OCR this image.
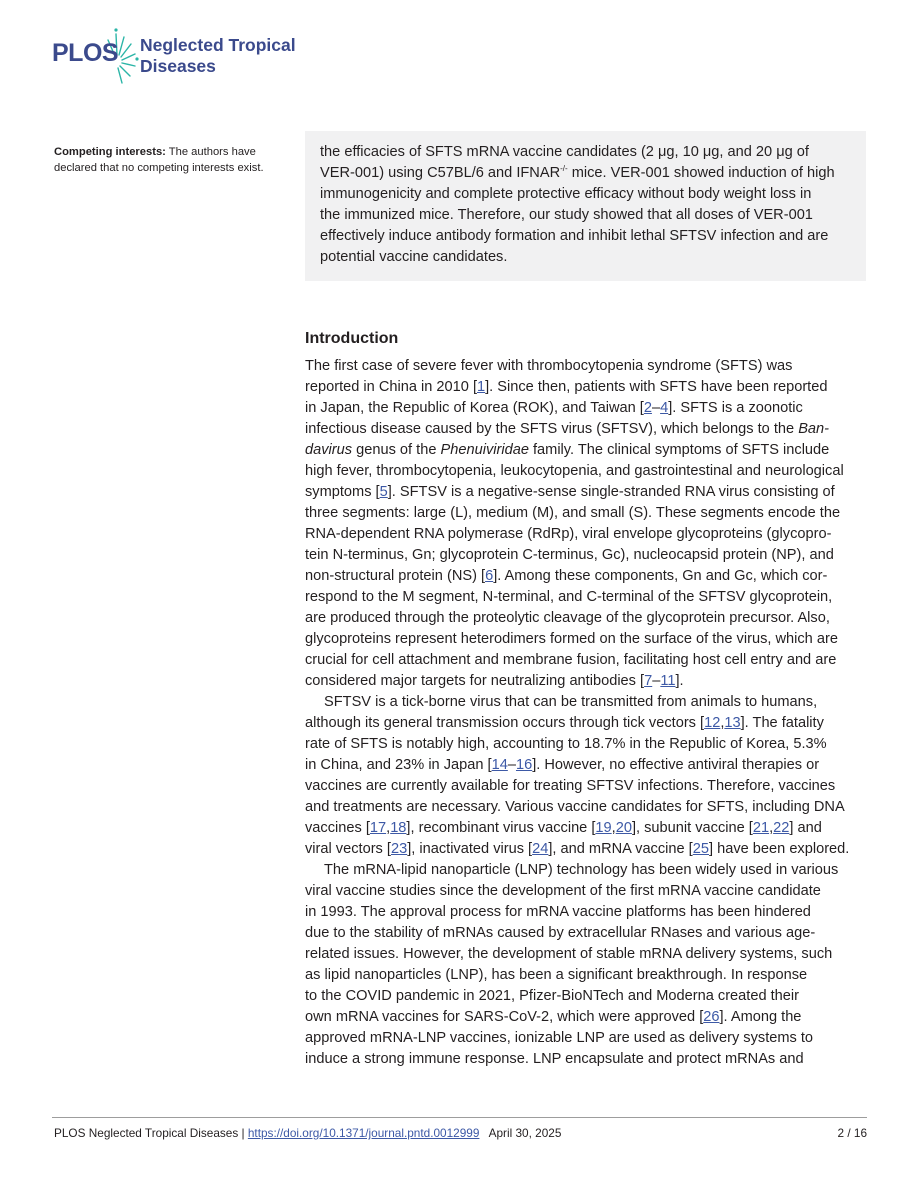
PLOS Neglected Tropical
Diseases
Competing interests: The authors have declared that no competing interests exist.
the efficacies of SFTS mRNA vaccine candidates (2 μg, 10 μg, and 20 μg of
VER-001) using C57BL/6 and IFNAR-/- mice. VER-001 showed induction of high
immunogenicity and complete protective efficacy without body weight loss in
the immunized mice. Therefore, our study showed that all doses of VER-001
effectively induce antibody formation and inhibit lethal SFTSV infection and are
potential vaccine candidates.
Introduction
The first case of severe fever with thrombocytopenia syndrome (SFTS) was
reported in China in 2010 [1]. Since then, patients with SFTS have been reported
in Japan, the Republic of Korea (ROK), and Taiwan [2–4]. SFTS is a zoonotic
infectious disease caused by the SFTS virus (SFTSV), which belongs to the Ban-
davirus genus of the Phenuiviridae family. The clinical symptoms of SFTS include
high fever, thrombocytopenia, leukocytopenia, and gastrointestinal and neurological
symptoms [5]. SFTSV is a negative-sense single-stranded RNA virus consisting of
three segments: large (L), medium (M), and small (S). These segments encode the
RNA-dependent RNA polymerase (RdRp), viral envelope glycoproteins (glycopro-
tein N-terminus, Gn; glycoprotein C-terminus, Gc), nucleocapsid protein (NP), and
non-structural protein (NS) [6]. Among these components, Gn and Gc, which cor-
respond to the M segment, N-terminal, and C-terminal of the SFTSV glycoprotein,
are produced through the proteolytic cleavage of the glycoprotein precursor. Also,
glycoproteins represent heterodimers formed on the surface of the virus, which are
crucial for cell attachment and membrane fusion, facilitating host cell entry and are
considered major targets for neutralizing antibodies [7–11].
SFTSV is a tick-borne virus that can be transmitted from animals to humans,
although its general transmission occurs through tick vectors [12,13]. The fatality
rate of SFTS is notably high, accounting to 18.7% in the Republic of Korea, 5.3%
in China, and 23% in Japan [14–16]. However, no effective antiviral therapies or
vaccines are currently available for treating SFTSV infections. Therefore, vaccines
and treatments are necessary. Various vaccine candidates for SFTS, including DNA
vaccines [17,18], recombinant virus vaccine [19,20], subunit vaccine [21,22] and
viral vectors [23], inactivated virus [24], and mRNA vaccine [25] have been explored.
The mRNA-lipid nanoparticle (LNP) technology has been widely used in various
viral vaccine studies since the development of the first mRNA vaccine candidate
in 1993. The approval process for mRNA vaccine platforms has been hindered
due to the stability of mRNAs caused by extracellular RNases and various age-
related issues. However, the development of stable mRNA delivery systems, such
as lipid nanoparticles (LNP), has been a significant breakthrough. In response
to the COVID pandemic in 2021, Pfizer-BioNTech and Moderna created their
own mRNA vaccines for SARS-CoV-2, which were approved [26]. Among the
approved mRNA-LNP vaccines, ionizable LNP are used as delivery systems to
induce a strong immune response. LNP encapsulate and protect mRNAs and
PLOS Neglected Tropical Diseases | https://doi.org/10.1371/journal.pntd.0012999   April 30, 2025	2 / 16
